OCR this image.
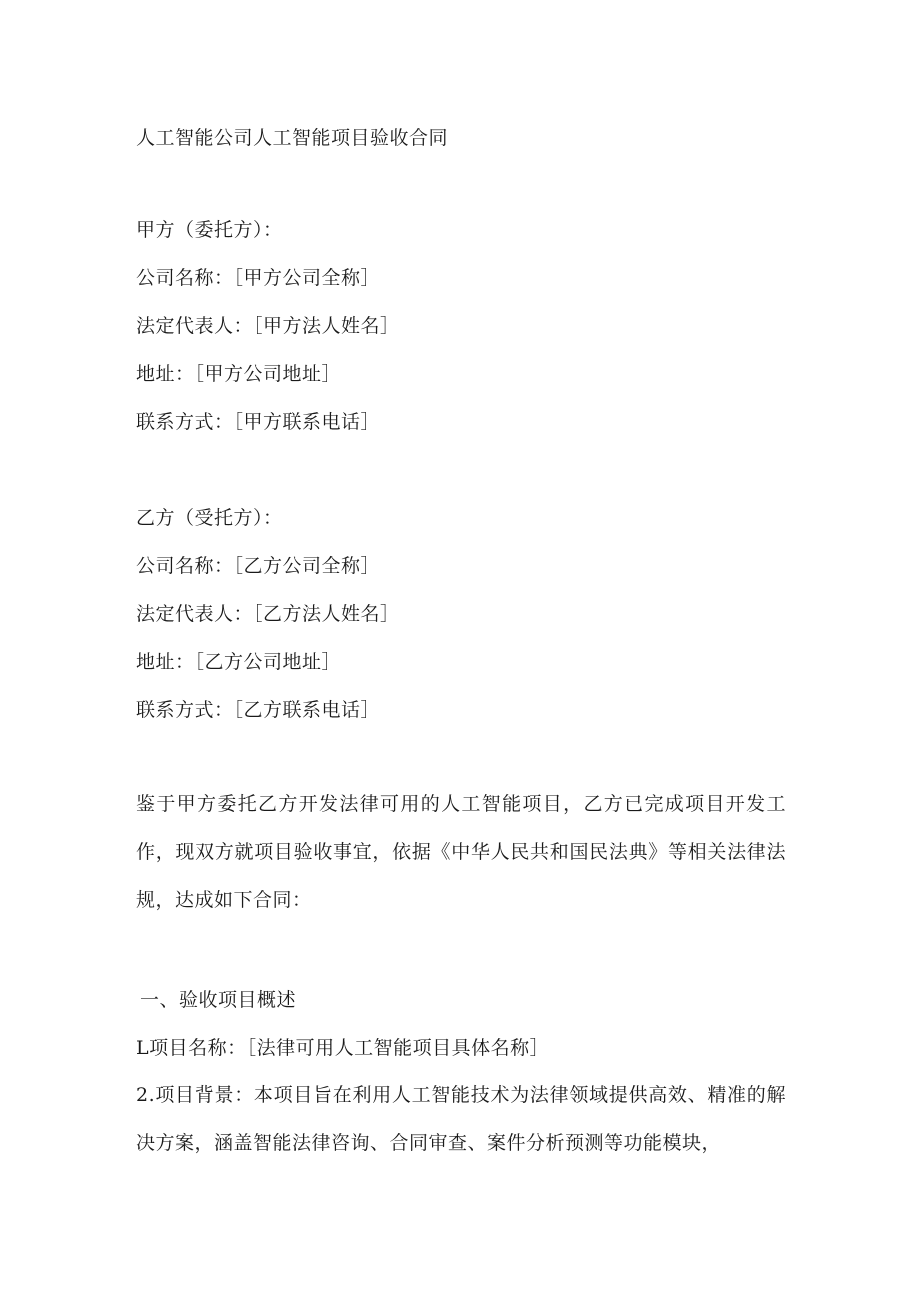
人工智能公司人工智能项目验收合同
甲方（委托方）：
公司名称：［甲方公司全称］
法定代表人：［甲方法人姓名］
地址：［甲方公司地址］
联系方式：［甲方联系电话］
乙方（受托方）：
公司名称：［乙方公司全称］
法定代表人：［乙方法人姓名］
地址：［乙方公司地址］
联系方式：［乙方联系电话］
鉴于甲方委托乙方开发法律可用的人工智能项目，乙方已完成项目开发工作，现双方就项目验收事宜，依据《中华人民共和国民法典》等相关法律法规，达成如下合同：
一、验收项目概述
L项目名称：［法律可用人工智能项目具体名称］
2.项目背景：本项目旨在利用人工智能技术为法律领域提供高效、精准的解决方案，涵盖智能法律咨询、合同审查、案件分析预测等功能模块，
